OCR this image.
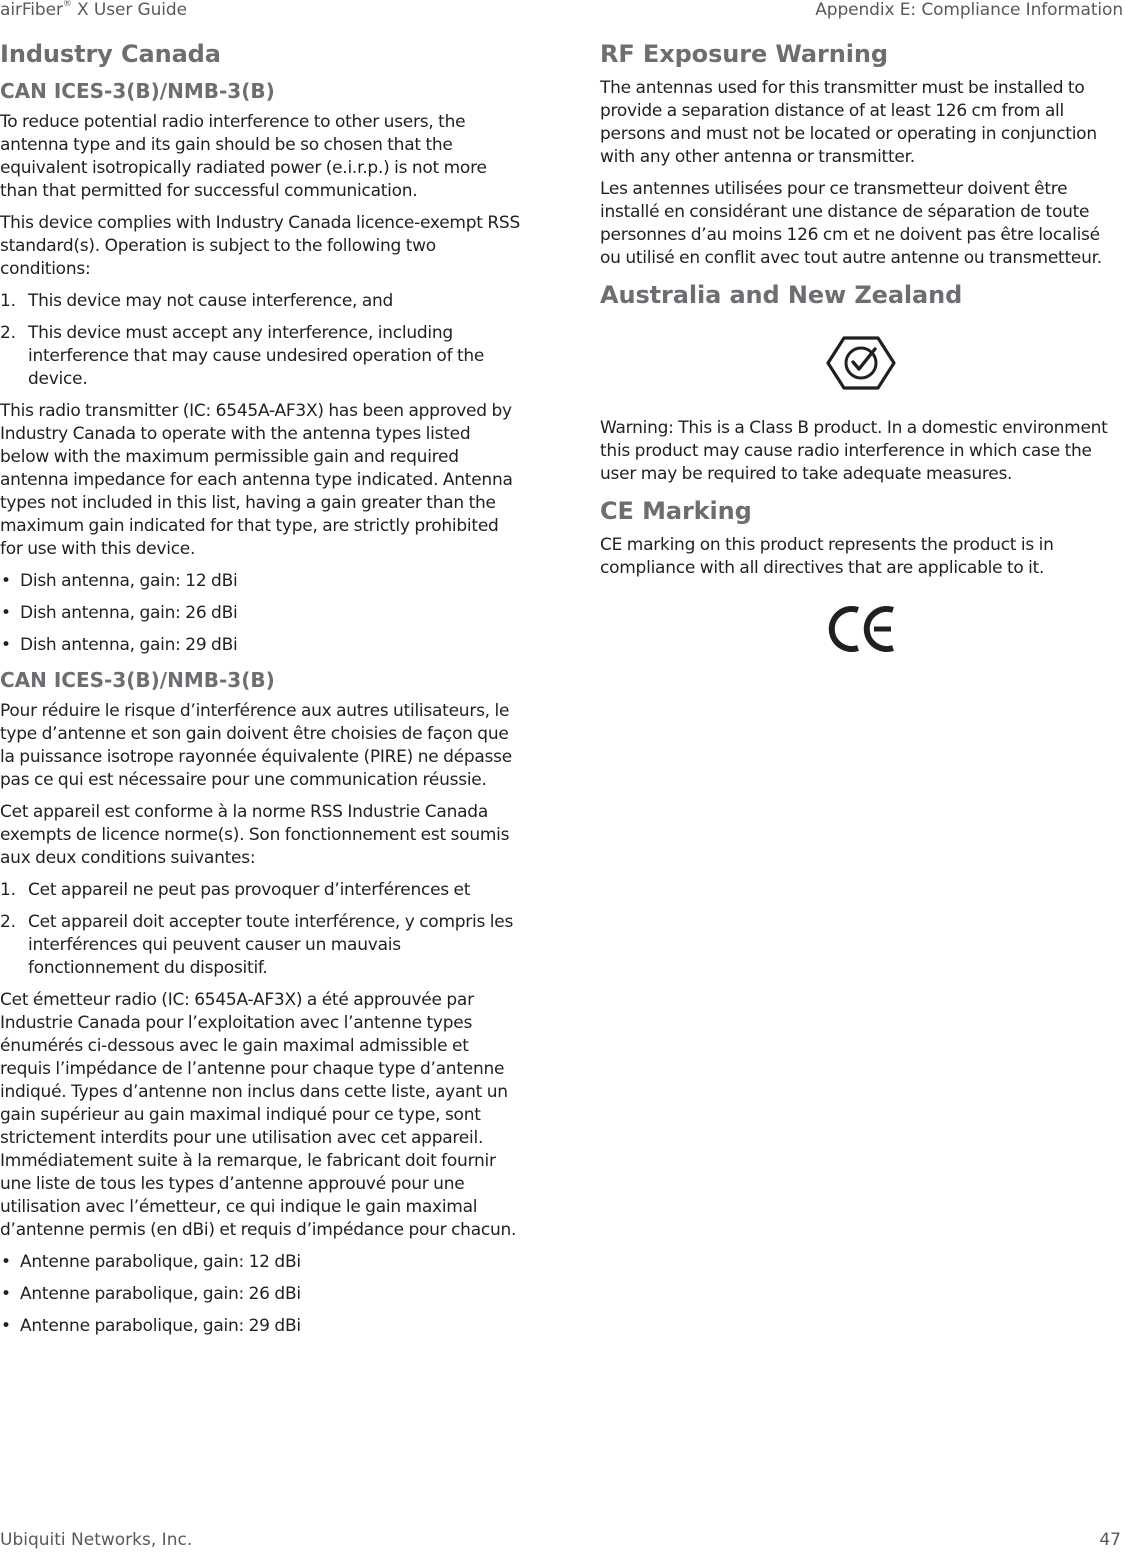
airFiber® X User Guide	Appendix E: Compliance Information
Industry Canada
CAN ICES-3(B)/NMB-3(B)

To reduce potential radio interference to other users, the antenna type and its gain should be so chosen that the equivalent isotropically radiated power (e.i.r.p.) is not more than that permitted for successful communication.

This device complies with Industry Canada licence-exempt RSS standard(s). Operation is subject to the following two conditions:

1. This device may not cause interference, and
2. This device must accept any interference, including interference that may cause undesired operation of the device.

This radio transmitter (IC: 6545A-AF3X) has been approved by Industry Canada to operate with the antenna types listed below with the maximum permissible gain and required antenna impedance for each antenna type indicated. Antenna types not included in this list, having a gain greater than the maximum gain indicated for that type, are strictly prohibited for use with this device.

• Dish antenna, gain: 12 dBi
• Dish antenna, gain: 26 dBi
• Dish antenna, gain: 29 dBi
CAN ICES-3(B)/NMB-3(B)

Pour réduire le risque d’interférence aux autres utilisateurs, le type d’antenne et son gain doivent être choisies de façon que la puissance isotrope rayonnée équivalente (PIRE) ne dépasse pas ce qui est nécessaire pour une communication réussie.

Cet appareil est conforme à la norme RSS Industrie Canada exempts de licence norme(s). Son fonctionnement est soumis aux deux conditions suivantes:

1. Cet appareil ne peut pas provoquer d’interférences et
2. Cet appareil doit accepter toute interférence, y compris les interférences qui peuvent causer un mauvais fonctionnement du dispositif.

Cet émetteur radio (IC: 6545A-AF3X) a été approuvée par Industrie Canada pour l’exploitation avec l’antenne types énumérés ci-dessous avec le gain maximal admissible et requis l’impédance de l’antenne pour chaque type d’antenne indiqué. Types d’antenne non inclus dans cette liste, ayant un gain supérieur au gain maximal indiqué pour ce type, sont strictement interdits pour une utilisation avec cet appareil. Immédiatement suite à la remarque, le fabricant doit fournir une liste de tous les types d’antenne approuvé pour une utilisation avec l’émetteur, ce qui indique le gain maximal d’antenne permis (en dBi) et requis d’impédance pour chacun.

• Antenne parabolique, gain: 12 dBi
• Antenne parabolique, gain: 26 dBi
• Antenne parabolique, gain: 29 dBi
RF Exposure Warning

The antennas used for this transmitter must be installed to provide a separation distance of at least 126 cm from all persons and must not be located or operating in conjunction with any other antenna or transmitter.

Les antennes utilisées pour ce transmetteur doivent être installé en considérant une distance de séparation de toute personnes d’au moins 126 cm et ne doivent pas être localisé ou utilisé en conflit avec tout autre antenne ou transmetteur.

Australia and New Zealand

Warning: This is a Class B product. In a domestic environment this product may cause radio interference in which case the user may be required to take adequate measures.

CE Marking

CE marking on this product represents the product is in compliance with all directives that are applicable to it.

Ubiquiti Networks, Inc.	47
